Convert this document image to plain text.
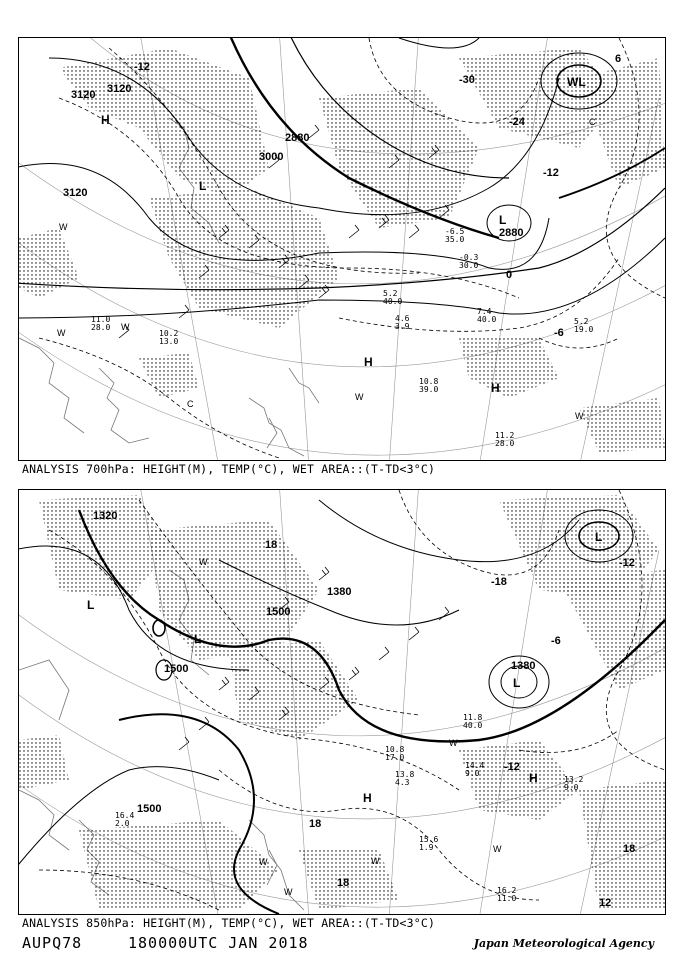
3120
3120
3120
3000
2880
2880
-12
-24
-30
-12
0
-6
6
H
L
L
WL
H
H
W
W
W
W
W
C
C
11.2 28.0
10.8 39.0
5.2 19.0
7.4 40.0
4.6 3.9
5.2 40.0
10.2 13.0
11.0 28.0
-6.5 35.0
-0.3 30.0
ANALYSIS 700hPa: HEIGHT(M), TEMP(°C), WET AREA::(T-TD<3°C)
1500
1500
1500
1380
1380
1320
-18
-12
-6
-12
18
18
18
18
12
L
L
L
L
H
H
W	W
W
W
W
W
15.6 1.9
16.2 11.0
14.4 9.0
13.8 4.3
10.8 17.0
11.8 40.0
13.2 9.0
16.4 2.0
ANALYSIS 850hPa: HEIGHT(M), TEMP(°C), WET AREA::(T-TD<3°C)
AUPQ78	180000UTC JAN 2018	Japan Meteorological Agency
